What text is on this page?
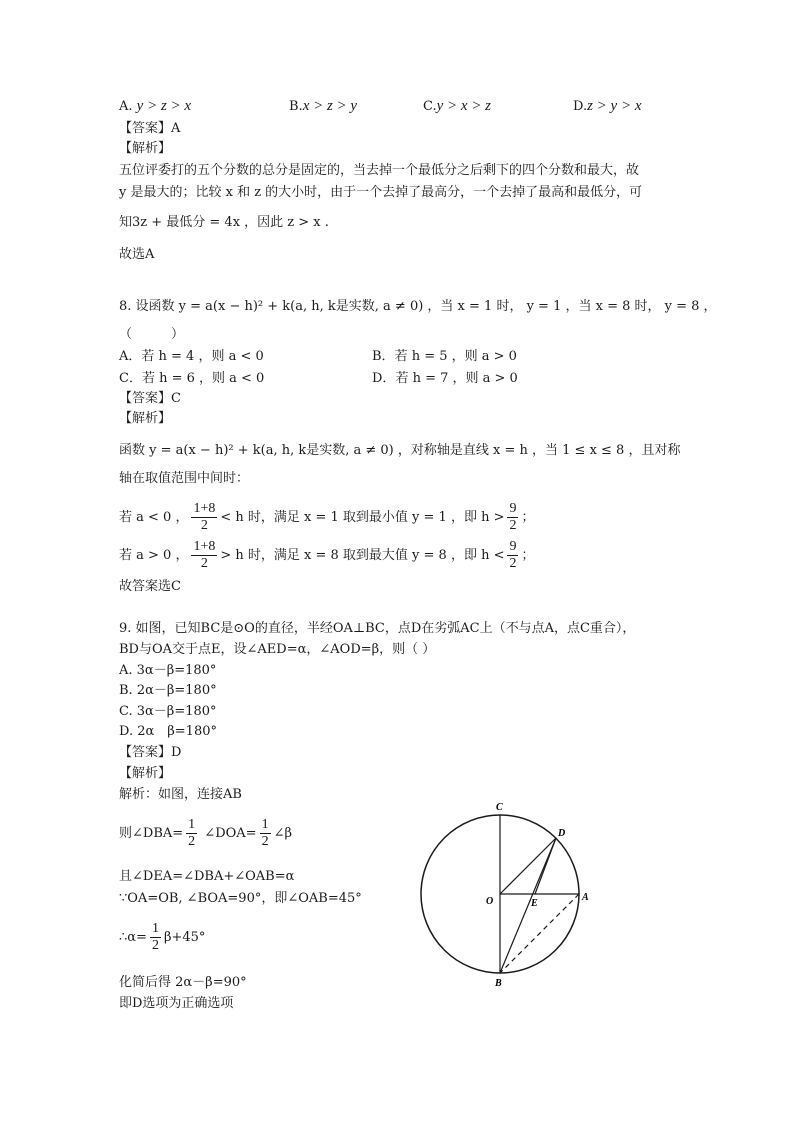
A. y > z > x	B.x > z > y	C.y > x > z	D.z > y > x
【答案】A
【解析】
五位评委打的五个分数的总分是固定的，当去掉一个最低分之后剩下的四个分数和最大，故
y 是最大的；比较 x 和 z 的大小时，由于一个去掉了最高分，一个去掉了最高和最低分，可
知3z + 最低分 = 4x ，因此 z > x .
故选A
8. 设函数 y = a(x − h)² + k(a, h, k是实数, a ≠ 0) ，当 x = 1 时， y = 1 ，当 x = 8 时， y = 8 ，
（　　　）
A．若 h = 4 ，则 a < 0	B．若 h = 5 ，则 a > 0
C．若 h = 6 ，则 a < 0	D．若 h = 7 ，则 a > 0
【答案】C
【解析】
函数 y = a(x − h)² + k(a, h, k是实数, a ≠ 0) ，对称轴是直线 x = h ，当 1 ≤ x ≤ 8 ，且对称
轴在取值范围中间时：
若 a < 0 ， $\frac{1+8}{2} < h$ 时，满足 x = 1 取到最小值 y = 1 ，即 $h > \frac{9}{2}$ ；
若 a > 0 ， $\frac{1+8}{2} > h$ 时，满足 x = 8 取到最大值 y = 8 ，即 $h < \frac{9}{2}$ ；
故答案选C
9. 如图，已知BC是⊙O的直径，半经OA⊥BC，点D在劣弧AC上（不与点A，点C重合），
BD与OA交于点E，设∠AED=α，∠AOD=β，则（ ）
A. 3α－β=180°
B. 2α－β=180°
C. 3α－β=180°
D. 2α　β=180°
【答案】D
【解析】
解析：如图，连接AB
则∠DBA= $\frac{1}{2}$ ∠DOA= $\frac{1}{2}$ ∠β
且∠DEA=∠DBA+∠OAB=α
∵OA=OB, ∠BOA=90°，即∠OAB=45°
∴α= $\frac{1}{2} \beta+45^\circ$
化简后得 2α－β=90°
即D选项为正确选项
C
D
O	E
A
B
